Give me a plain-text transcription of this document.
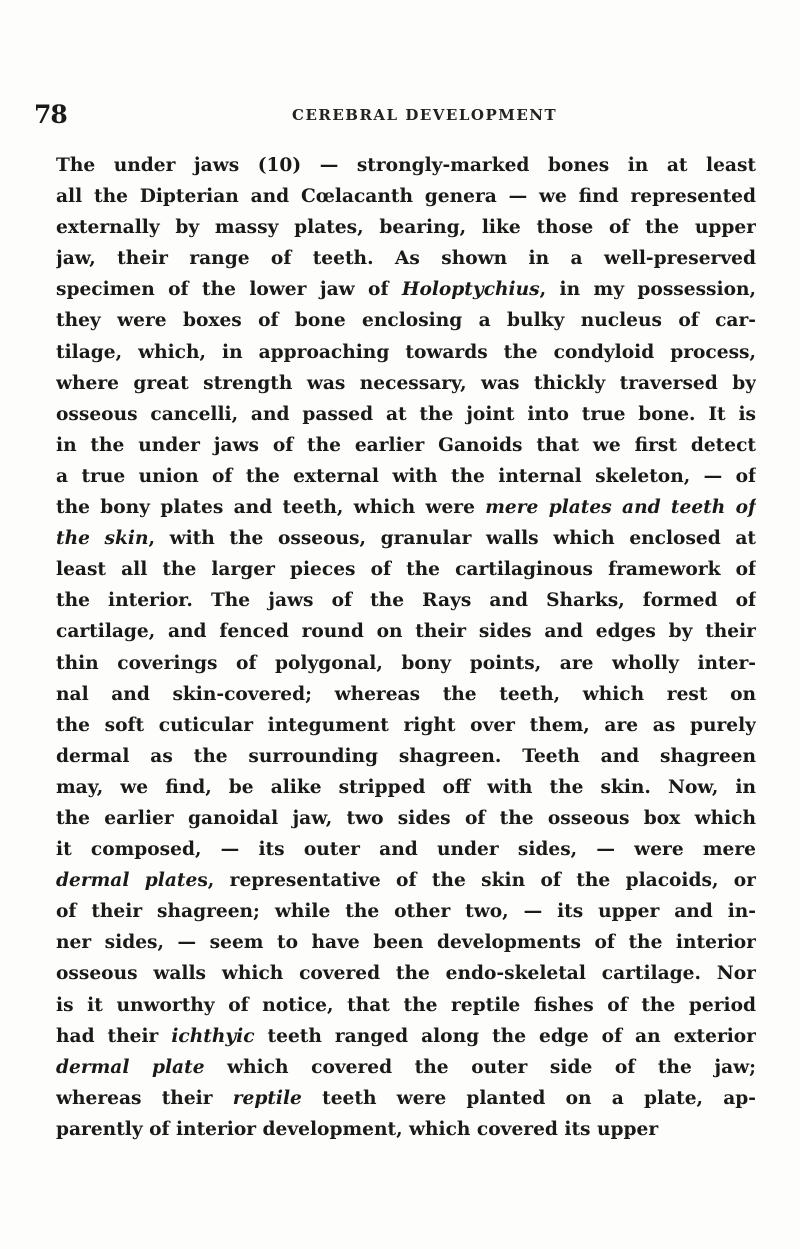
78	CEREBRAL DEVELOPMENT
The under jaws (10) — strongly-marked bones in at least
all the Dipterian and Cœlacanth genera — we find represented
externally by massy plates, bearing, like those of the upper
jaw, their range of teeth. As shown in a well-preserved
specimen of the lower jaw of Holoptychius, in my possession,
they were boxes of bone enclosing a bulky nucleus of car-
tilage, which, in approaching towards the condyloid process,
where great strength was necessary, was thickly traversed by
osseous cancelli, and passed at the joint into true bone. It is
in the under jaws of the earlier Ganoids that we first detect
a true union of the external with the internal skeleton, — of
the bony plates and teeth, which were mere plates and teeth of
the skin, with the osseous, granular walls which enclosed at
least all the larger pieces of the cartilaginous framework of
the interior. The jaws of the Rays and Sharks, formed of
cartilage, and fenced round on their sides and edges by their
thin coverings of polygonal, bony points, are wholly inter-
nal and skin-covered; whereas the teeth, which rest on
the soft cuticular integument right over them, are as purely
dermal as the surrounding shagreen. Teeth and shagreen
may, we find, be alike stripped off with the skin. Now, in
the earlier ganoidal jaw, two sides of the osseous box which
it composed, — its outer and under sides, — were mere
dermal plates, representative of the skin of the placoids, or
of their shagreen; while the other two, — its upper and in-
ner sides, — seem to have been developments of the interior
osseous walls which covered the endo-skeletal cartilage. Nor
is it unworthy of notice, that the reptile fishes of the period
had their ichthyic teeth ranged along the edge of an exterior
dermal plate which covered the outer side of the jaw;
whereas their reptile teeth were planted on a plate, ap-
parently of interior development, which covered its upper
